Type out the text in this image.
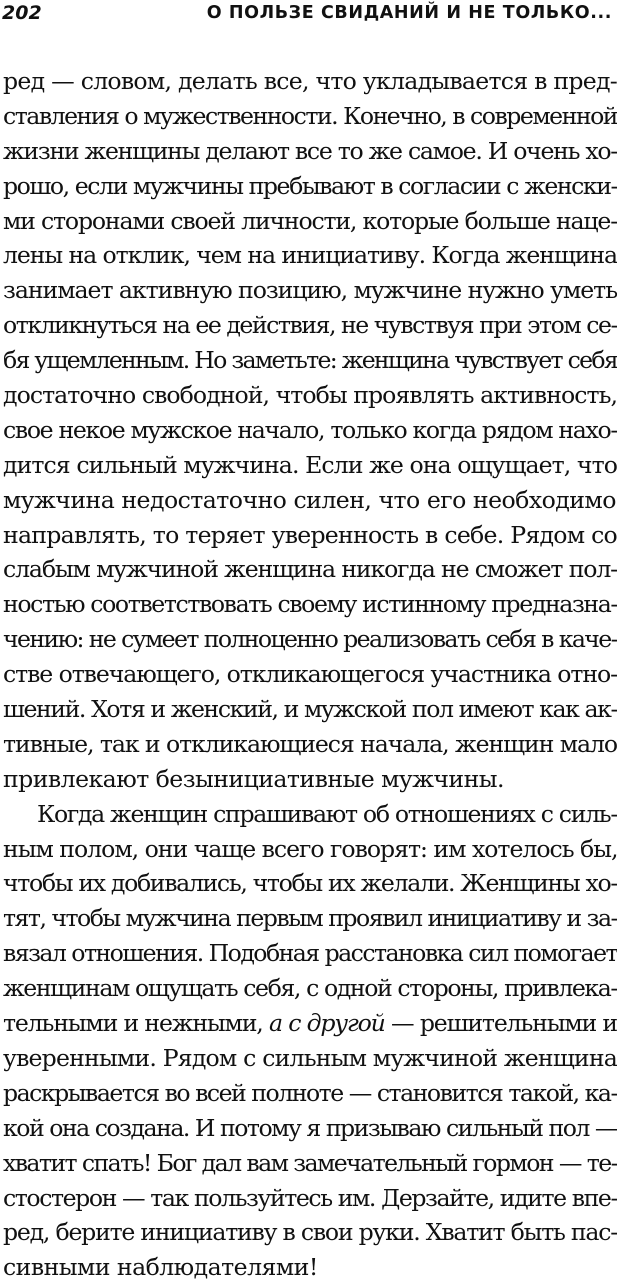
202	О ПОЛЬЗЕ СВИДАНИЙ И НЕ ТОЛЬКО...
ред — словом, делать все, что укладывается в пред-
ставления о мужественности. Конечно, в современной
жизни женщины делают все то же самое. И очень хо-
рошо, если мужчины пребывают в согласии с женски-
ми сторонами своей личности, которые больше наце-
лены на отклик, чем на инициативу. Когда женщина
занимает активную позицию, мужчине нужно уметь
откликнуться на ее действия, не чувствуя при этом се-
бя ущемленным. Но заметьте: женщина чувствует себя
достаточно свободной, чтобы проявлять активность,
свое некое мужское начало, только когда рядом нахо-
дится сильный мужчина. Если же она ощущает, что
мужчина недостаточно силен, что его необходимо
направлять, то теряет уверенность в себе. Рядом со
слабым мужчиной женщина никогда не сможет пол-
ностью соответствовать своему истинному предназна-
чению: не сумеет полноценно реализовать себя в каче-
стве отвечающего, откликающегося участника отно-
шений. Хотя и женский, и мужской пол имеют как ак-
тивные, так и откликающиеся начала, женщин мало
привлекают безынициативные мужчины.
Когда женщин спрашивают об отношениях с силь-
ным полом, они чаще всего говорят: им хотелось бы,
чтобы их добивались, чтобы их желали. Женщины хо-
тят, чтобы мужчина первым проявил инициативу и за-
вязал отношения. Подобная расстановка сил помогает
женщинам ощущать себя, с одной стороны, привлека-
тельными и нежными, а с другой — решительными и
уверенными. Рядом с сильным мужчиной женщина
раскрывается во всей полноте — становится такой, ка-
кой она создана. И потому я призываю сильный пол —
хватит спать! Бог дал вам замечательный гормон — те-
стостерон — так пользуйтесь им. Дерзайте, идите впе-
ред, берите инициативу в свои руки. Хватит быть пас-
сивными наблюдателями!
